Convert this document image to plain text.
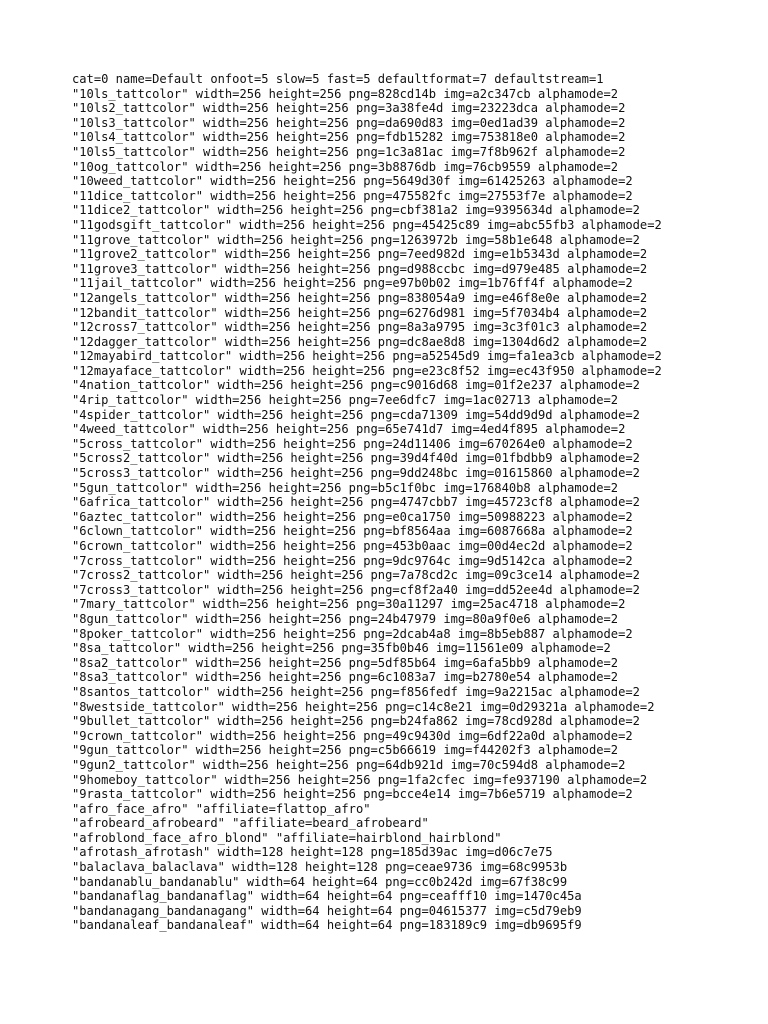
cat=0 name=Default onfoot=5 slow=5 fast=5 defaultformat=7 defaultstream=1
"10ls_tattcolor" width=256 height=256 png=828cd14b img=a2c347cb alphamode=2
"10ls2_tattcolor" width=256 height=256 png=3a38fe4d img=23223dca alphamode=2
"10ls3_tattcolor" width=256 height=256 png=da690d83 img=0ed1ad39 alphamode=2
"10ls4_tattcolor" width=256 height=256 png=fdb15282 img=753818e0 alphamode=2
"10ls5_tattcolor" width=256 height=256 png=1c3a81ac img=7f8b962f alphamode=2
"10og_tattcolor" width=256 height=256 png=3b8876db img=76cb9559 alphamode=2
"10weed_tattcolor" width=256 height=256 png=5649d30f img=61425263 alphamode=2
"11dice_tattcolor" width=256 height=256 png=475582fc img=27553f7e alphamode=2
"11dice2_tattcolor" width=256 height=256 png=cbf381a2 img=9395634d alphamode=2
"11godsgift_tattcolor" width=256 height=256 png=45425c89 img=abc55fb3 alphamode=2
"11grove_tattcolor" width=256 height=256 png=1263972b img=58b1e648 alphamode=2
"11grove2_tattcolor" width=256 height=256 png=7eed982d img=e1b5343d alphamode=2
"11grove3_tattcolor" width=256 height=256 png=d988ccbc img=d979e485 alphamode=2
"11jail_tattcolor" width=256 height=256 png=e97b0b02 img=1b76ff4f alphamode=2
"12angels_tattcolor" width=256 height=256 png=838054a9 img=e46f8e0e alphamode=2
"12bandit_tattcolor" width=256 height=256 png=6276d981 img=5f7034b4 alphamode=2
"12cross7_tattcolor" width=256 height=256 png=8a3a9795 img=3c3f01c3 alphamode=2
"12dagger_tattcolor" width=256 height=256 png=dc8ae8d8 img=1304d6d2 alphamode=2
"12mayabird_tattcolor" width=256 height=256 png=a52545d9 img=fa1ea3cb alphamode=2
"12mayaface_tattcolor" width=256 height=256 png=e23c8f52 img=ec43f950 alphamode=2
"4nation_tattcolor" width=256 height=256 png=c9016d68 img=01f2e237 alphamode=2
"4rip_tattcolor" width=256 height=256 png=7ee6dfc7 img=1ac02713 alphamode=2
"4spider_tattcolor" width=256 height=256 png=cda71309 img=54dd9d9d alphamode=2
"4weed_tattcolor" width=256 height=256 png=65e741d7 img=4ed4f895 alphamode=2
"5cross_tattcolor" width=256 height=256 png=24d11406 img=670264e0 alphamode=2
"5cross2_tattcolor" width=256 height=256 png=39d4f40d img=01fbdbb9 alphamode=2
"5cross3_tattcolor" width=256 height=256 png=9dd248bc img=01615860 alphamode=2
"5gun_tattcolor" width=256 height=256 png=b5c1f0bc img=176840b8 alphamode=2
"6africa_tattcolor" width=256 height=256 png=4747cbb7 img=45723cf8 alphamode=2
"6aztec_tattcolor" width=256 height=256 png=e0ca1750 img=50988223 alphamode=2
"6clown_tattcolor" width=256 height=256 png=bf8564aa img=6087668a alphamode=2
"6crown_tattcolor" width=256 height=256 png=453b0aac img=00d4ec2d alphamode=2
"7cross_tattcolor" width=256 height=256 png=9dc9764c img=9d5142ca alphamode=2
"7cross2_tattcolor" width=256 height=256 png=7a78cd2c img=09c3ce14 alphamode=2
"7cross3_tattcolor" width=256 height=256 png=cf8f2a40 img=dd52ee4d alphamode=2
"7mary_tattcolor" width=256 height=256 png=30a11297 img=25ac4718 alphamode=2
"8gun_tattcolor" width=256 height=256 png=24b47979 img=80a9f0e6 alphamode=2
"8poker_tattcolor" width=256 height=256 png=2dcab4a8 img=8b5eb887 alphamode=2
"8sa_tattcolor" width=256 height=256 png=35fb0b46 img=11561e09 alphamode=2
"8sa2_tattcolor" width=256 height=256 png=5df85b64 img=6afa5bb9 alphamode=2
"8sa3_tattcolor" width=256 height=256 png=6c1083a7 img=b2780e54 alphamode=2
"8santos_tattcolor" width=256 height=256 png=f856fedf img=9a2215ac alphamode=2
"8westside_tattcolor" width=256 height=256 png=c14c8e21 img=0d29321a alphamode=2
"9bullet_tattcolor" width=256 height=256 png=b24fa862 img=78cd928d alphamode=2
"9crown_tattcolor" width=256 height=256 png=49c9430d img=6df22a0d alphamode=2
"9gun_tattcolor" width=256 height=256 png=c5b66619 img=f44202f3 alphamode=2
"9gun2_tattcolor" width=256 height=256 png=64db921d img=70c594d8 alphamode=2
"9homeboy_tattcolor" width=256 height=256 png=1fa2cfec img=fe937190 alphamode=2
"9rasta_tattcolor" width=256 height=256 png=bcce4e14 img=7b6e5719 alphamode=2
"afro_face_afro" "affiliate=flattop_afro"
"afrobeard_afrobeard" "affiliate=beard_afrobeard"
"afroblond_face_afro_blond" "affiliate=hairblond_hairblond"
"afrotash_afrotash" width=128 height=128 png=185d39ac img=d06c7e75
"balaclava_balaclava" width=128 height=128 png=ceae9736 img=68c9953b
"bandanablu_bandanablu" width=64 height=64 png=cc0b242d img=67f38c99
"bandanaflag_bandanaflag" width=64 height=64 png=ceafff10 img=1470c45a
"bandanagang_bandanagang" width=64 height=64 png=04615377 img=c5d79eb9
"bandanaleaf_bandanaleaf" width=64 height=64 png=183189c9 img=db9695f9
